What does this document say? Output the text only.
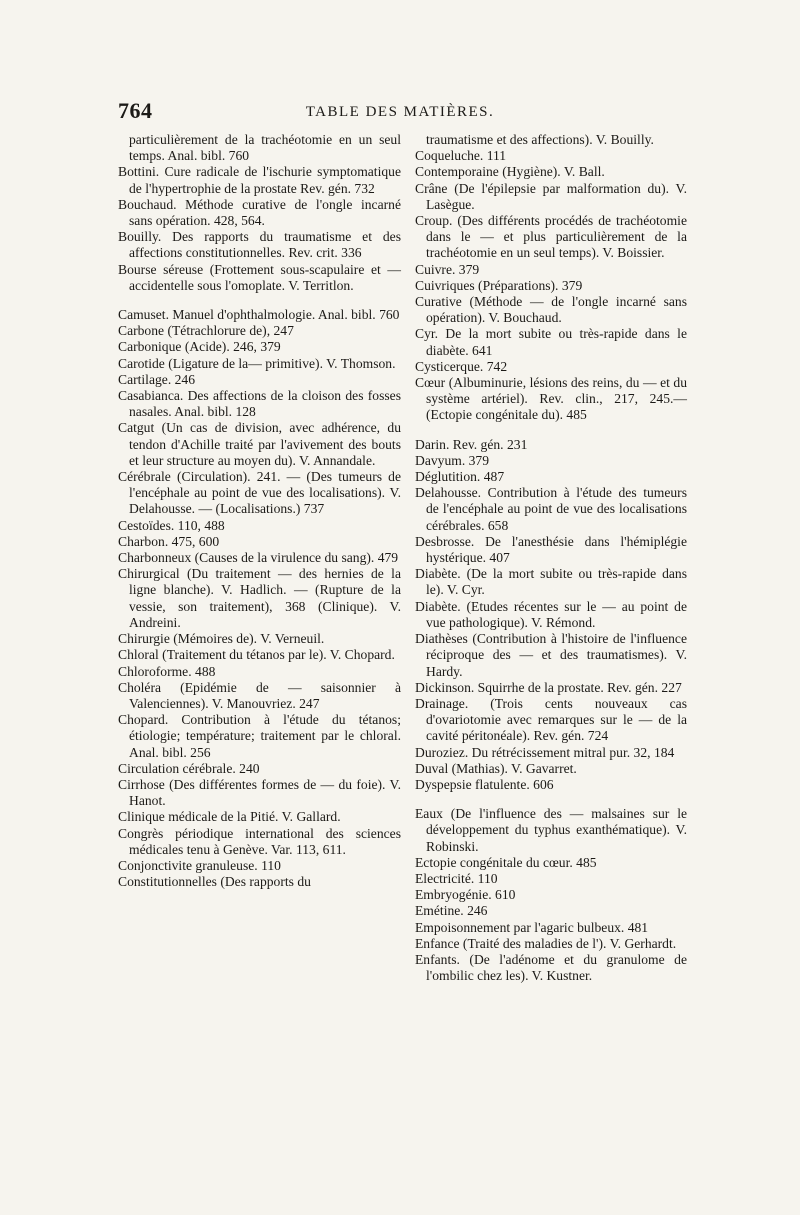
764	TABLE DES MATIÈRES.

particulièrement de la trachéotomie en un seul temps. Anal. bibl. 760

Bottini. Cure radicale de l'ischurie symptomatique de l'hypertrophie de la prostate Rev. gén. 732

Bouchaud. Méthode curative de l'ongle incarné sans opération. 428, 564.

Bouilly. Des rapports du traumatisme et des affections constitutionnelles. Rev. crit. 336

Bourse séreuse (Frottement sous-scapulaire et — accidentelle sous l'omoplate. V. Territlon.

Camuset. Manuel d'ophthalmologie. Anal. bibl. 760

Carbone (Tétrachlorure de), 247

Carbonique (Acide). 246, 379

Carotide (Ligature de la— primitive). V. Thomson.

Cartilage. 246

Casabianca. Des affections de la cloison des fosses nasales. Anal. bibl. 128

Catgut (Un cas de division, avec adhérence, du tendon d'Achille traité par l'avivement des bouts et leur structure au moyen du). V. Annandale.

Cérébrale (Circulation). 241. — (Des tumeurs de l'encéphale au point de vue des localisations). V. Delahousse. — (Localisations.) 737

Cestoïdes. 110, 488

Charbon. 475, 600

Charbonneux (Causes de la virulence du sang). 479

Chirurgical (Du traitement — des hernies de la ligne blanche). V. Hadlich. — (Rupture de la vessie, son traitement), 368 (Clinique). V. Andreini.

Chirurgie (Mémoires de). V. Verneuil.

Chloral (Traitement du tétanos par le). V. Chopard.

Chloroforme. 488

Choléra (Epidémie de — saisonnier à Valenciennes). V. Manouvriez. 247

Chopard. Contribution à l'étude du tétanos; étiologie; température; traitement par le chloral. Anal. bibl. 256

Circulation cérébrale. 240

Cirrhose (Des différentes formes de — du foie). V. Hanot.

Clinique médicale de la Pitié. V. Gallard.

Congrès périodique international des sciences médicales tenu à Genève. Var. 113, 611.

Conjonctivite granuleuse. 110

Constitutionnelles (Des rapports du

traumatisme et des affections). V. Bouilly.

Coqueluche. 111

Contemporaine (Hygiène). V. Ball.

Crâne (De l'épilepsie par malformation du). V. Lasègue.

Croup. (Des différents procédés de trachéotomie dans le — et plus particulièrement de la trachéotomie en un seul temps). V. Boissier.

Cuivre. 379

Cuivriques (Préparations). 379

Curative (Méthode — de l'ongle incarné sans opération). V. Bouchaud.

Cyr. De la mort subite ou très-rapide dans le diabète. 641

Cysticerque. 742

Cœur (Albuminurie, lésions des reins, du — et du système artériel). Rev. clin., 217, 245.— (Ectopie congénitale du). 485

Darin. Rev. gén. 231

Davyum. 379

Déglutition. 487

Delahousse. Contribution à l'étude des tumeurs de l'encéphale au point de vue des localisations cérébrales. 658

Desbrosse. De l'anesthésie dans l'hémiplégie hystérique. 407

Diabète. (De la mort subite ou très-rapide dans le). V. Cyr.

Diabète. (Etudes récentes sur le — au point de vue pathologique). V. Rémond.

Diathèses (Contribution à l'histoire de l'influence réciproque des — et des traumatismes). V. Hardy.

Dickinson. Squirrhe de la prostate. Rev. gén. 227

Drainage. (Trois cents nouveaux cas d'ovariotomie avec remarques sur le — de la cavité péritonéale). Rev. gén. 724

Duroziez. Du rétrécissement mitral pur. 32, 184

Duval (Mathias). V. Gavarret.

Dyspepsie flatulente. 606

Eaux (De l'influence des — malsaines sur le développement du typhus exanthématique). V. Robinski.

Ectopie congénitale du cœur. 485

Electricité. 110

Embryogénie. 610

Emétine. 246

Empoisonnement par l'agaric bulbeux. 481

Enfance (Traité des maladies de l'). V. Gerhardt.

Enfants. (De l'adénome et du granulome de l'ombilic chez les). V. Kustner.
